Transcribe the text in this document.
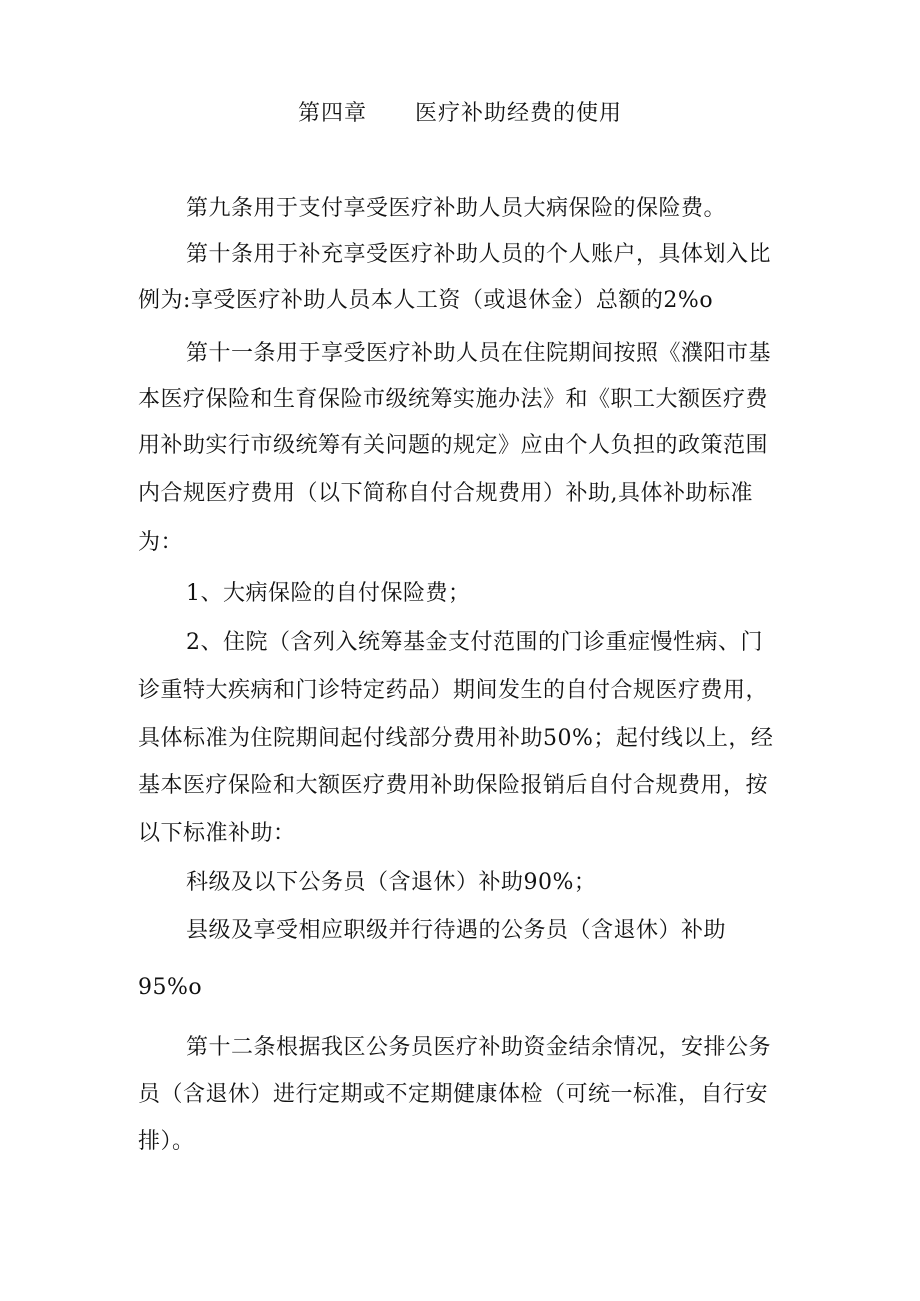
第四章 医疗补助经费的使用
第九条用于支付享受医疗补助人员大病保险的保险费。
第十条用于补充享受医疗补助人员的个人账户，具体划入比
例为:享受医疗补助人员本人工资（或退休金）总额的2%o
第十一条用于享受医疗补助人员在住院期间按照《濮阳市基
本医疗保险和生育保险市级统筹实施办法》和《职工大额医疗费
用补助实行市级统筹有关问题的规定》应由个人负担的政策范围
内合规医疗费用（以下简称自付合规费用）补助,具体补助标准
为：
1、大病保险的自付保险费；
2、住院（含列入统筹基金支付范围的门诊重症慢性病、门
诊重特大疾病和门诊特定药品）期间发生的自付合规医疗费用，
具体标准为住院期间起付线部分费用补助50%；起付线以上，经
基本医疗保险和大额医疗费用补助保险报销后自付合规费用，按
以下标准补助：
科级及以下公务员（含退休）补助90%；
县级及享受相应职级并行待遇的公务员（含退休）补助
95%o
第十二条根据我区公务员医疗补助资金结余情况，安排公务
员（含退休）进行定期或不定期健康体检（可统一标准，自行安
排）。
